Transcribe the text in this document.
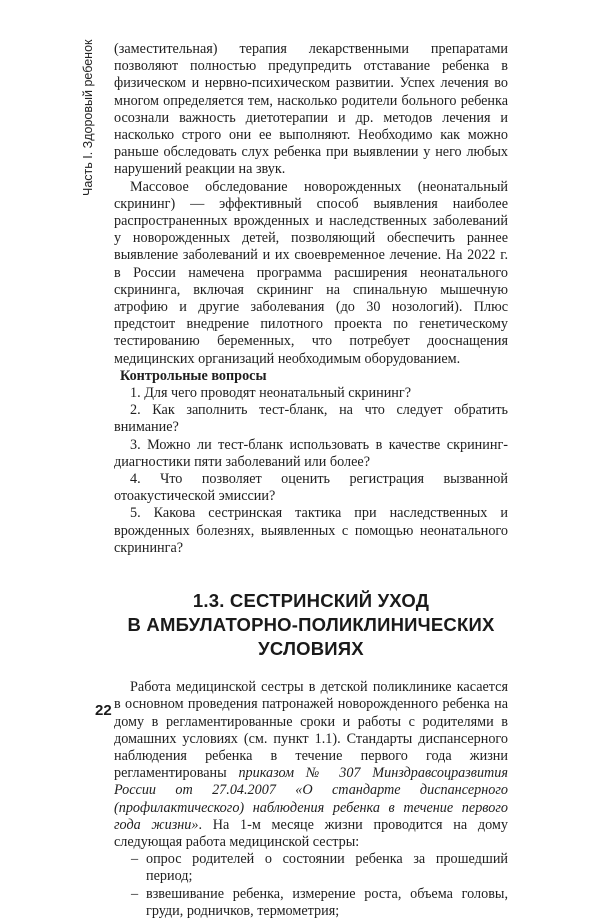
Часть I. Здоровый ребенок	(заместительная) терапия лекарственными препаратами позволяют полностью предупредить отставание ребенка в физическом и нервно-психическом развитии. Успех лечения во многом определяется тем, насколько родители больного ребенка осознали важность диетотерапии и др. методов лечения и насколько строго они ее выполняют. Необходимо как можно раньше обследовать слух ребенка при выявлении у него любых нарушений реакции на звук.

Массовое обследование новорожденных (неонатальный скрининг) — эффективный способ выявления наиболее распространенных врожденных и наследственных заболеваний у новорожденных детей, позволяющий обеспечить раннее выявление заболеваний и их своевременное лечение. На 2022 г. в России намечена программа расширения неонатального скрининга, включая скрининг на спинальную мышечную атрофию и другие заболевания (до 30 нозологий). Плюс предстоит внедрение пилотного проекта по генетическому тестированию беременных, что потребует дооснащения медицинских организаций необходимым оборудованием.

Контрольные вопросы

1. Для чего проводят неонатальный скрининг?

2. Как заполнить тест-бланк, на что следует обратить внимание?

3. Можно ли тест-бланк использовать в качестве скрининг-диагностики пяти заболеваний или более?

4. Что позволяет оценить регистрация вызванной отоакустической эмиссии?

5. Какова сестринская тактика при наследственных и врожденных болезнях, выявленных с помощью неонатального скрининга?

1.3. СЕСТРИНСКИЙ УХОД
В АМБУЛАТОРНО-ПОЛИКЛИНИЧЕСКИХ УСЛОВИЯХ

Работа медицинской сестры в детской поликлинике касается в основном проведения патронажей новорожденного ребенка на дому в регламентированные сроки и работы с родителями в домашних условиях (см. пункт 1.1). Стандарты диспансерного наблюдения ребенка в течение первого года жизни регламентированы приказом № 307 Минздравсоцразвития России от 27.04.2007 «О стандарте диспансерного (профилактического) наблюдения ребенка в течение первого года жизни». На 1-м месяце жизни проводится на дому следующая работа медицинской сестры:

– опрос родителей о состоянии ребенка за прошедший период;

– взвешивание ребенка, измерение роста, объема головы, груди, родничков, термометрия;

22
